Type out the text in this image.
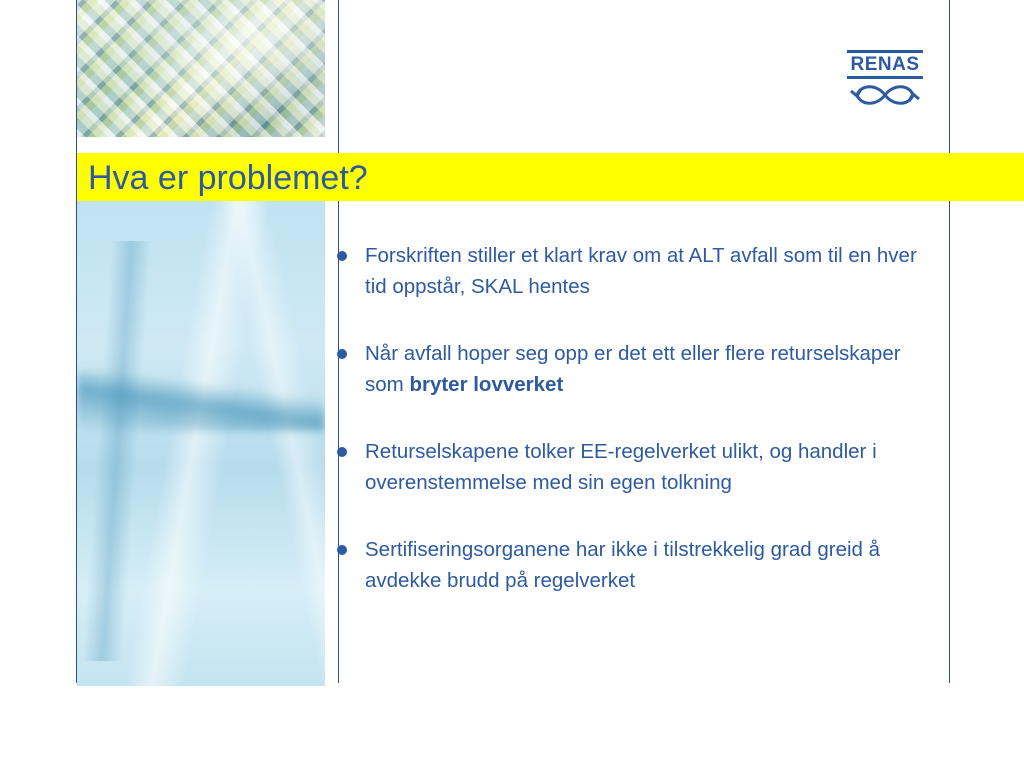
Hva er problemet?
RENAS
Forskriften stiller et klart krav om at ALT avfall som til en hver tid oppstår, SKAL hentes
Når avfall hoper seg opp er det ett eller flere returselskaper som bryter lovverket
Returselskapene tolker EE-regelverket ulikt, og handler i overenstemmelse med sin egen tolkning
Sertifiseringsorganene har ikke i tilstrekkelig grad greid å avdekke brudd på regelverket
